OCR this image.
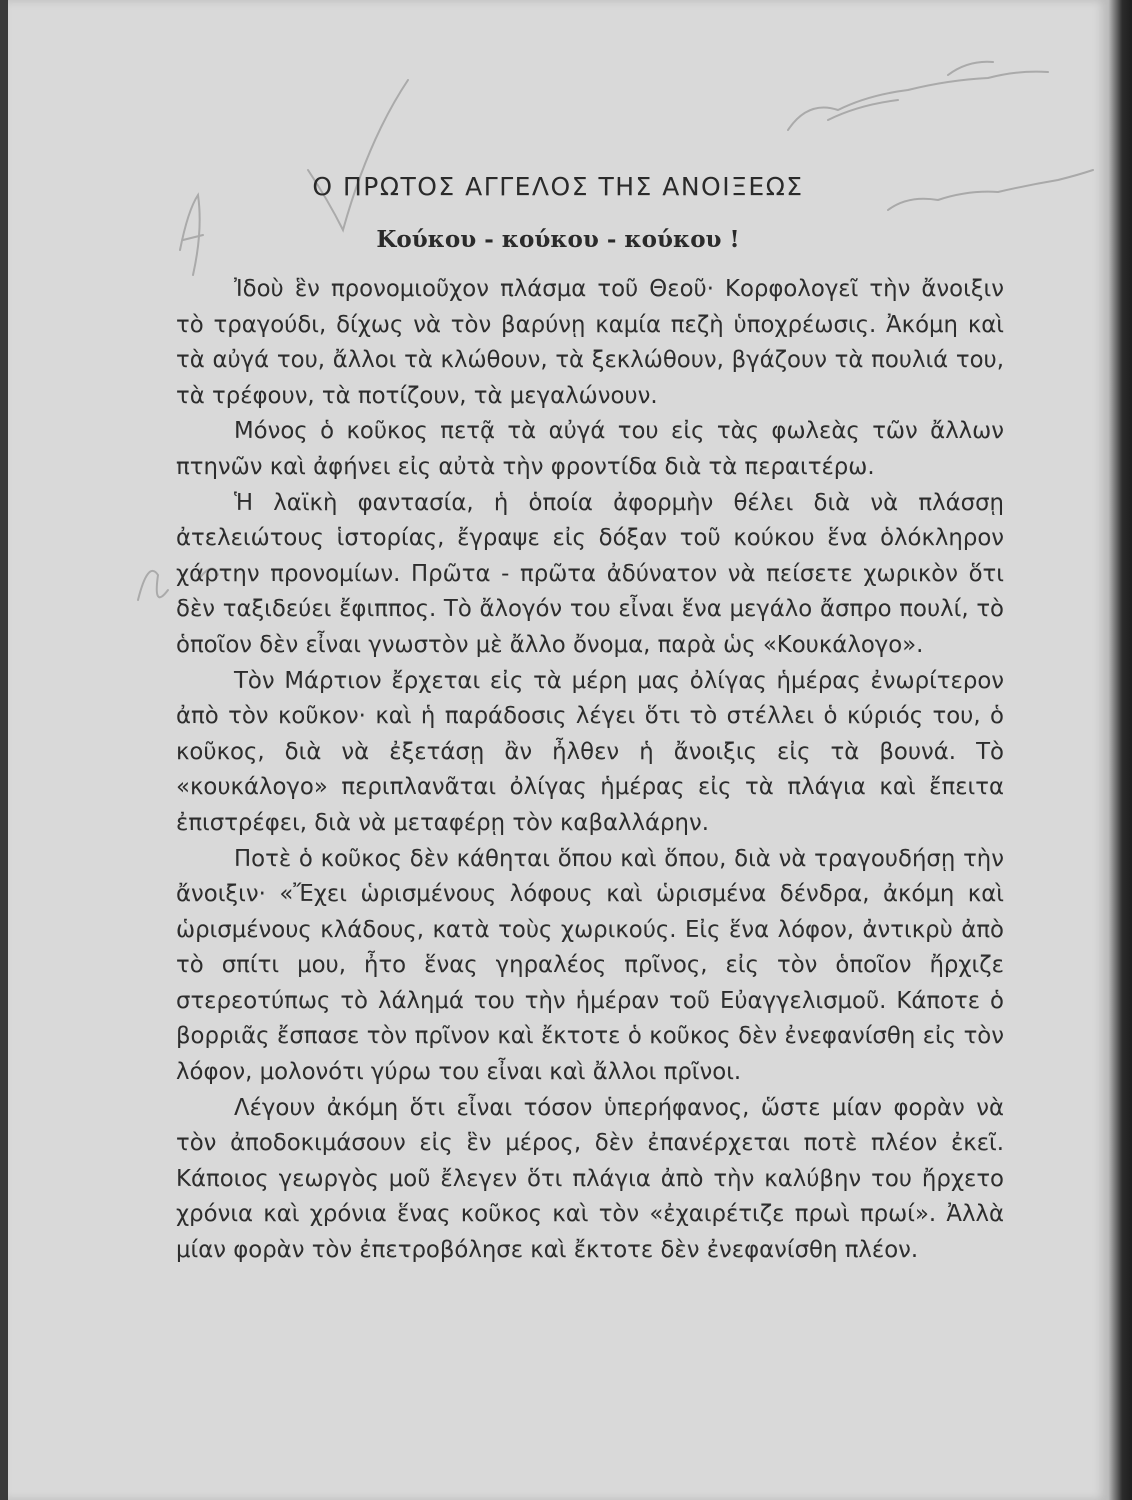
Ο ΠΡΩΤΟΣ ΑΓΓΕΛΟΣ ΤΗΣ ΑΝΟΙΞΕΩΣ
Κούκου - κούκου - κούκου !

Ἰδοὺ ἓν προνομιοῦχον πλάσμα τοῦ Θεοῦ· Κορφολογεῖ τὴν ἄνοιξιν τὸ τραγούδι, δίχως νὰ τὸν βαρύνῃ καμία πεζὴ ὑποχρέωσις. Ἀκόμη καὶ τὰ αὐγά του, ἄλλοι τὰ κλώθουν, τὰ ξεκλώθουν, βγάζουν τὰ πουλιά του, τὰ τρέφουν, τὰ ποτίζουν, τὰ μεγαλώνουν.

Μόνος ὁ κοῦκος πετᾷ τὰ αὐγά του εἰς τὰς φωλεὰς τῶν ἄλλων πτηνῶν καὶ ἀφήνει εἰς αὐτὰ τὴν φροντίδα διὰ τὰ περαιτέρω.

Ἡ λαϊκὴ φαντασία, ἡ ὁποία ἀφορμὴν θέλει διὰ νὰ πλάσσῃ ἀτελειώτους ἱστορίας, ἔγραψε εἰς δόξαν τοῦ κούκου ἕνα ὁλόκληρον χάρτην προνομίων. Πρῶτα - πρῶτα ἀδύνατον νὰ πείσετε χωρικὸν ὅτι δὲν ταξιδεύει ἔφιππος. Τὸ ἄλογόν του εἶναι ἕνα μεγάλο ἄσπρο πουλί, τὸ ὁποῖον δὲν εἶναι γνωστὸν μὲ ἄλλο ὄνομα, παρὰ ὡς «Κουκάλογο».

Τὸν Μάρτιον ἔρχεται εἰς τὰ μέρη μας ὀλίγας ἡμέρας ἐνωρίτερον ἀπὸ τὸν κοῦκον· καὶ ἡ παράδοσις λέγει ὅτι τὸ στέλλει ὁ κύριός του, ὁ κοῦκος, διὰ νὰ ἐξετάσῃ ἂν ἦλθεν ἡ ἄνοιξις εἰς τὰ βουνά. Τὸ «κουκάλογο» περιπλανᾶται ὀλίγας ἡμέρας εἰς τὰ πλάγια καὶ ἔπειτα ἐπιστρέφει, διὰ νὰ μεταφέρῃ τὸν καβαλλάρην.

Ποτὲ ὁ κοῦκος δὲν κάθηται ὅπου καὶ ὅπου, διὰ νὰ τραγουδήσῃ τὴν ἄνοιξιν· «Ἔχει ὡρισμένους λόφους καὶ ὡρισμένα δένδρα, ἀκόμη καὶ ὡρισμένους κλάδους, κατὰ τοὺς χωρικούς. Εἰς ἕνα λόφον, ἀντικρὺ ἀπὸ τὸ σπίτι μου, ἦτο ἕνας γηραλέος πρῖνος, εἰς τὸν ὁποῖον ἤρχιζε στερεοτύπως τὸ λάλημά του τὴν ἡμέραν τοῦ Εὐαγγελισμοῦ. Κάποτε ὁ βορριᾶς ἔσπασε τὸν πρῖνον καὶ ἔκτοτε ὁ κοῦκος δὲν ἐνεφανίσθη εἰς τὸν λόφον, μολονότι γύρω του εἶναι καὶ ἄλλοι πρῖνοι.

Λέγουν ἀκόμη ὅτι εἶναι τόσον ὑπερήφανος, ὥστε μίαν φορὰν νὰ τὸν ἀποδοκιμάσουν εἰς ἓν μέρος, δὲν ἐπανέρχεται ποτὲ πλέον ἐκεῖ. Κάποιος γεωργὸς μοῦ ἔλεγεν ὅτι πλάγια ἀπὸ τὴν καλύβην του ἤρχετο χρόνια καὶ χρόνια ἕνας κοῦκος καὶ τὸν «ἐχαιρέτιζε πρωὶ πρωί». Ἀλλὰ μίαν φορὰν τὸν ἐπετροβόλησε καὶ ἔκτοτε δὲν ἐνεφανίσθη πλέον.
